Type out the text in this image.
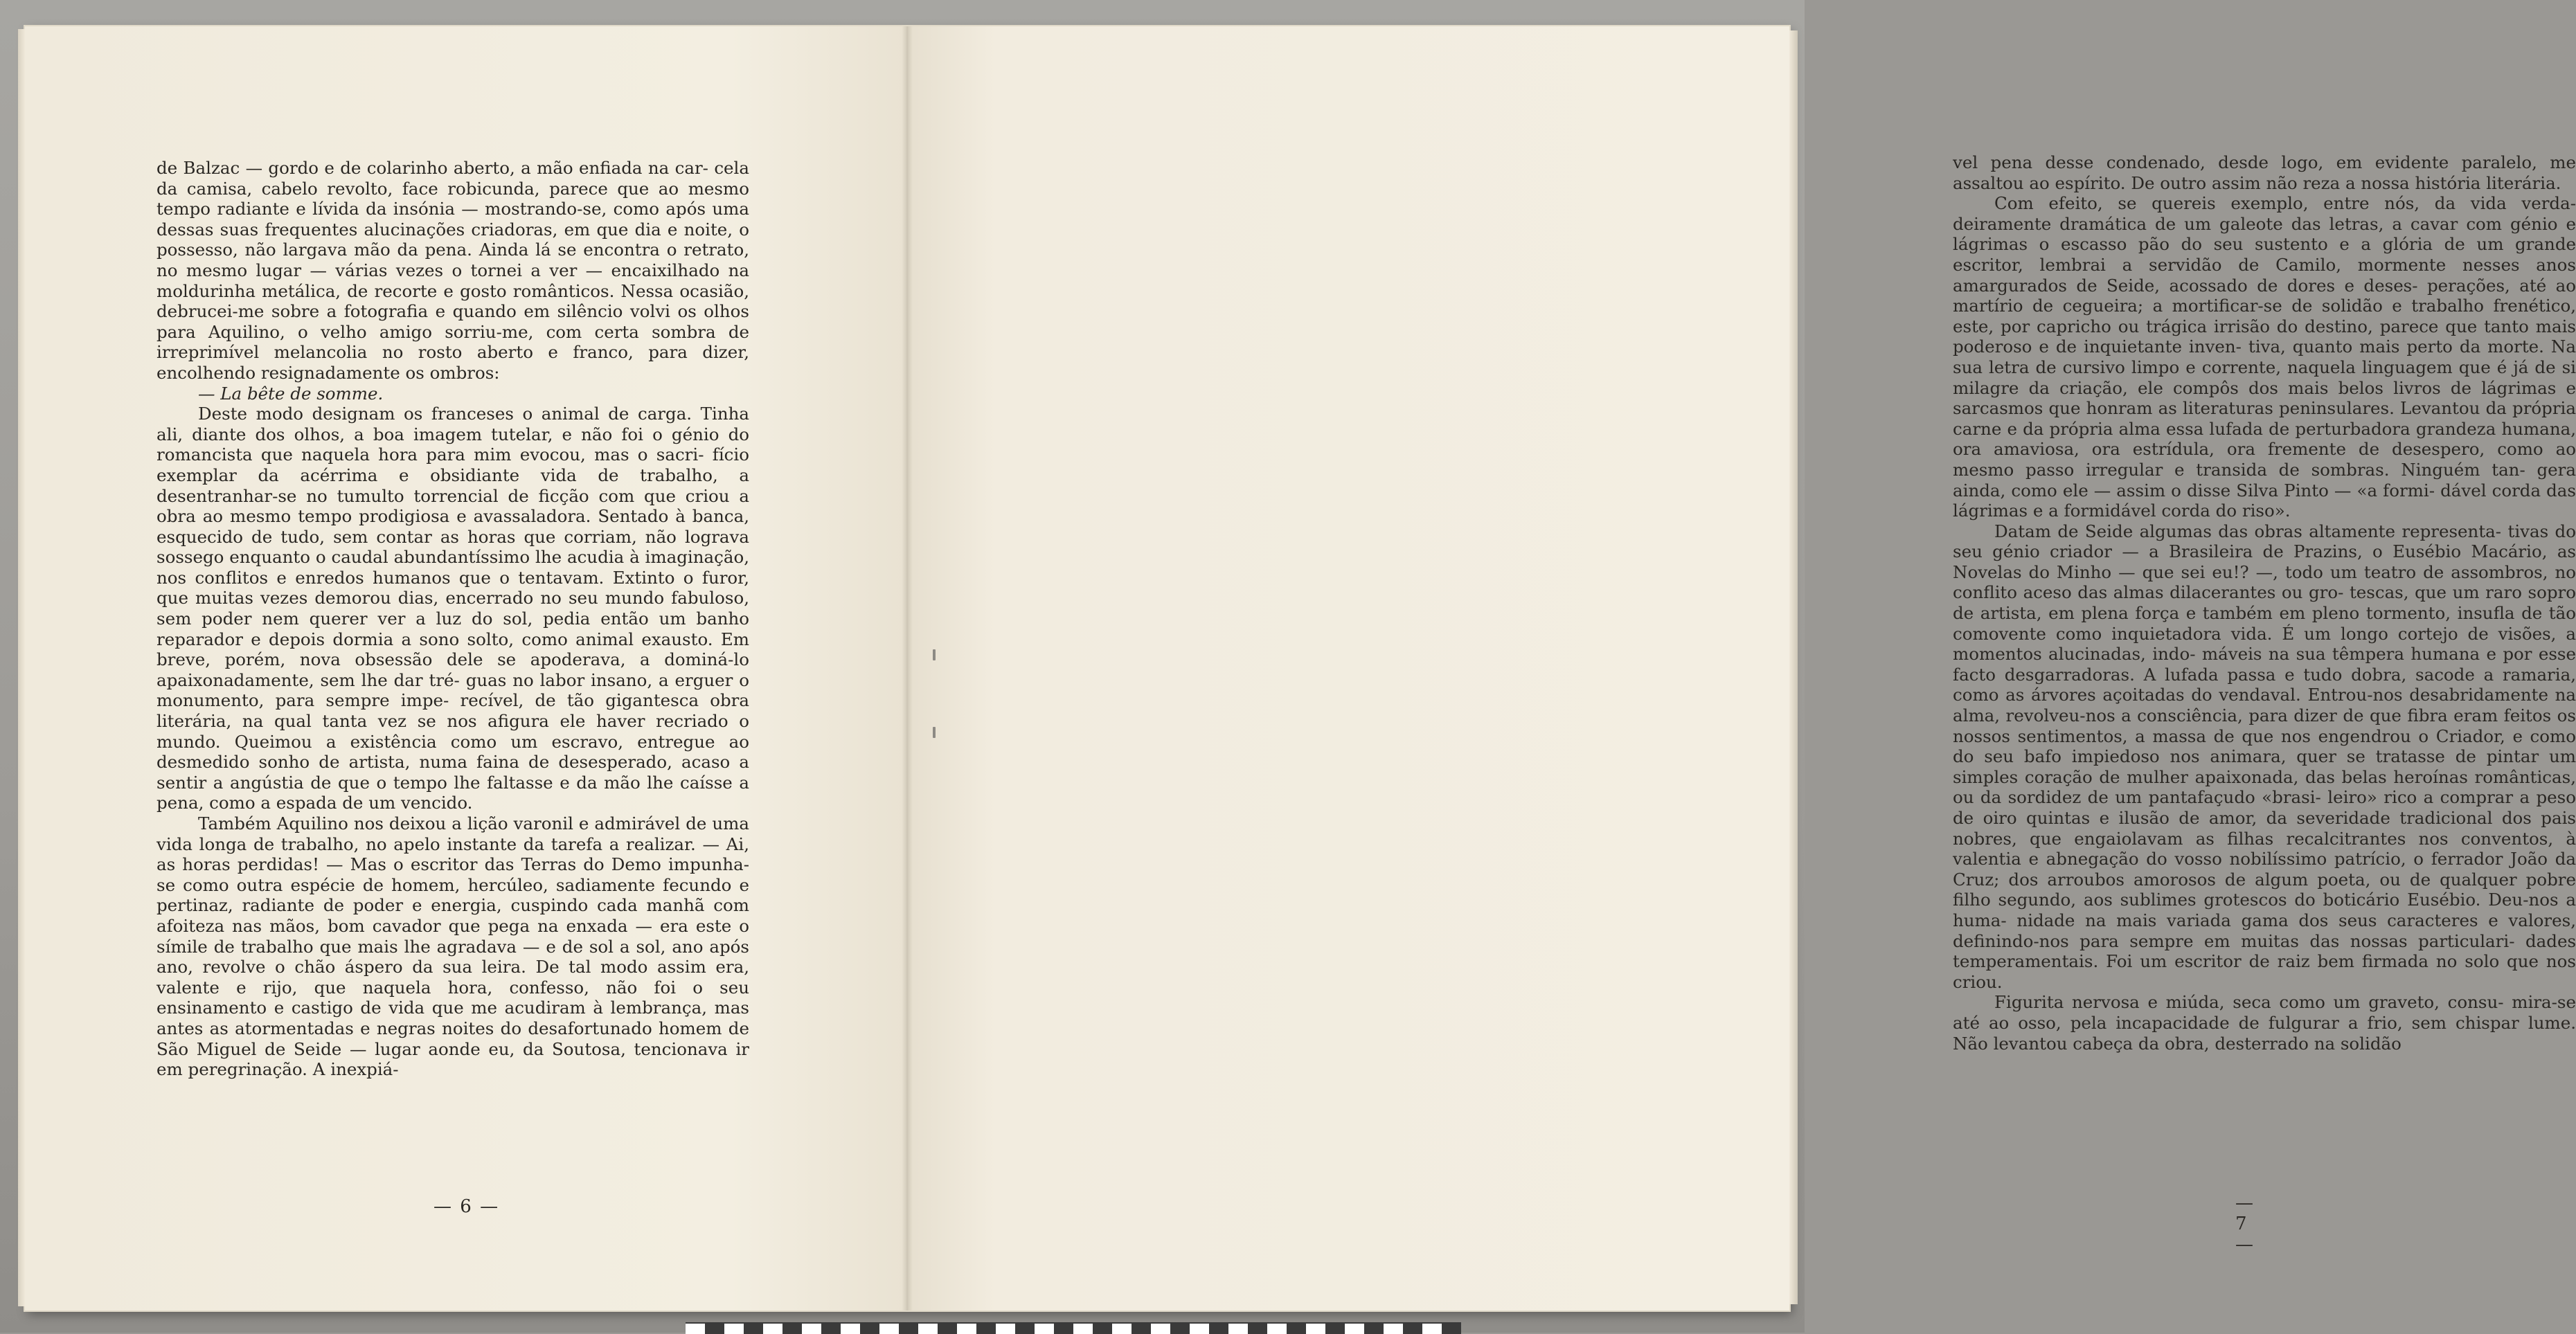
de Balzac — gordo e de colarinho aberto, a mão enfiada na car- cela da camisa, cabelo revolto, face robicunda, parece que ao mesmo tempo radiante e lívida da insónia — mostrando-se, como após uma dessas suas frequentes alucinações criadoras, em que dia e noite, o possesso, não largava mão da pena. Ainda lá se encontra o retrato, no mesmo lugar — várias vezes o tornei a ver — encaixilhado na moldurinha metálica, de recorte e gosto românticos. Nessa ocasião, debrucei-me sobre a fotografia e quando em silêncio volvi os olhos para Aquilino, o velho amigo sorriu-me, com certa sombra de irreprimível melancolia no rosto aberto e franco, para dizer, encolhendo resignadamente os ombros:

— La bête de somme.

Deste modo designam os franceses o animal de carga. Tinha ali, diante dos olhos, a boa imagem tutelar, e não foi o génio do romancista que naquela hora para mim evocou, mas o sacri- fício exemplar da acérrima e obsidiante vida de trabalho, a desentranhar-se no tumulto torrencial de ficção com que criou a obra ao mesmo tempo prodigiosa e avassaladora. Sentado à banca, esquecido de tudo, sem contar as horas que corriam, não lograva sossego enquanto o caudal abundantíssimo lhe acudia à imaginação, nos conflitos e enredos humanos que o tentavam. Extinto o furor, que muitas vezes demorou dias, encerrado no seu mundo fabuloso, sem poder nem querer ver a luz do sol, pedia então um banho reparador e depois dormia a sono solto, como animal exausto. Em breve, porém, nova obsessão dele se apoderava, a dominá-lo apaixonadamente, sem lhe dar tré- guas no labor insano, a erguer o monumento, para sempre impe- recível, de tão gigantesca obra literária, na qual tanta vez se nos afigura ele haver recriado o mundo. Queimou a existência como um escravo, entregue ao desmedido sonho de artista, numa faina de desesperado, acaso a sentir a angústia de que o tempo lhe faltasse e da mão lhe caísse a pena, como a espada de um vencido.

Também Aquilino nos deixou a lição varonil e admirável de uma vida longa de trabalho, no apelo instante da tarefa a realizar. — Ai, as horas perdidas! — Mas o escritor das Terras do Demo impunha-se como outra espécie de homem, hercúleo, sadiamente fecundo e pertinaz, radiante de poder e energia, cuspindo cada manhã com afoiteza nas mãos, bom cavador que pega na enxada — era este o símile de trabalho que mais lhe agradava — e de sol a sol, ano após ano, revolve o chão áspero da sua leira. De tal modo assim era, valente e rijo, que naquela hora, confesso, não foi o seu ensinamento e castigo de vida que me acudiram à lembrança, mas antes as atormentadas e negras noites do desafortunado homem de São Miguel de Seide — lugar aonde eu, da Soutosa, tencionava ir em peregrinação. A inexpiá-

— 6 —

vel pena desse condenado, desde logo, em evidente paralelo, me assaltou ao espírito. De outro assim não reza a nossa história literária.

Com efeito, se quereis exemplo, entre nós, da vida verda- deiramente dramática de um galeote das letras, a cavar com génio e lágrimas o escasso pão do seu sustento e a glória de um grande escritor, lembrai a servidão de Camilo, mormente nesses anos amargurados de Seide, acossado de dores e deses- perações, até ao martírio de cegueira; a mortificar-se de solidão e trabalho frenético, este, por capricho ou trágica irrisão do destino, parece que tanto mais poderoso e de inquietante inven- tiva, quanto mais perto da morte. Na sua letra de cursivo limpo e corrente, naquela linguagem que é já de si milagre da criação, ele compôs dos mais belos livros de lágrimas e sarcasmos que honram as literaturas peninsulares. Levantou da própria carne e da própria alma essa lufada de perturbadora grandeza humana, ora amaviosa, ora estrídula, ora fremente de desespero, como ao mesmo passo irregular e transida de sombras. Ninguém tan- gera ainda, como ele — assim o disse Silva Pinto — «a formi- dável corda das lágrimas e a formidável corda do riso».

Datam de Seide algumas das obras altamente representa- tivas do seu génio criador — a Brasileira de Prazins, o Eusébio Macário, as Novelas do Minho — que sei eu!? —, todo um teatro de assombros, no conflito aceso das almas dilacerantes ou gro- tescas, que um raro sopro de artista, em plena força e também em pleno tormento, insufla de tão comovente como inquietadora vida. É um longo cortejo de visões, a momentos alucinadas, indo- máveis na sua têmpera humana e por esse facto desgarradoras. A lufada passa e tudo dobra, sacode a ramaria, como as árvores açoitadas do vendaval. Entrou-nos desabridamente na alma, revolveu-nos a consciência, para dizer de que fibra eram feitos os nossos sentimentos, a massa de que nos engendrou o Criador, e como do seu bafo impiedoso nos animara, quer se tratasse de pintar um simples coração de mulher apaixonada, das belas heroínas românticas, ou da sordidez de um pantafaçudo «brasi- leiro» rico a comprar a peso de oiro quintas e ilusão de amor, da severidade tradicional dos pais nobres, que engaiolavam as filhas recalcitrantes nos conventos, à valentia e abnegação do vosso nobilíssimo patrício, o ferrador João da Cruz; dos arroubos amorosos de algum poeta, ou de qualquer pobre filho segundo, aos sublimes grotescos do boticário Eusébio. Deu-nos a huma- nidade na mais variada gama dos seus caracteres e valores, definindo-nos para sempre em muitas das nossas particulari- dades temperamentais. Foi um escritor de raiz bem firmada no solo que nos criou.

Figurita nervosa e miúda, seca como um graveto, consu- mira-se até ao osso, pela incapacidade de fulgurar a frio, sem chispar lume. Não levantou cabeça da obra, desterrado na solidão

— 7 —
